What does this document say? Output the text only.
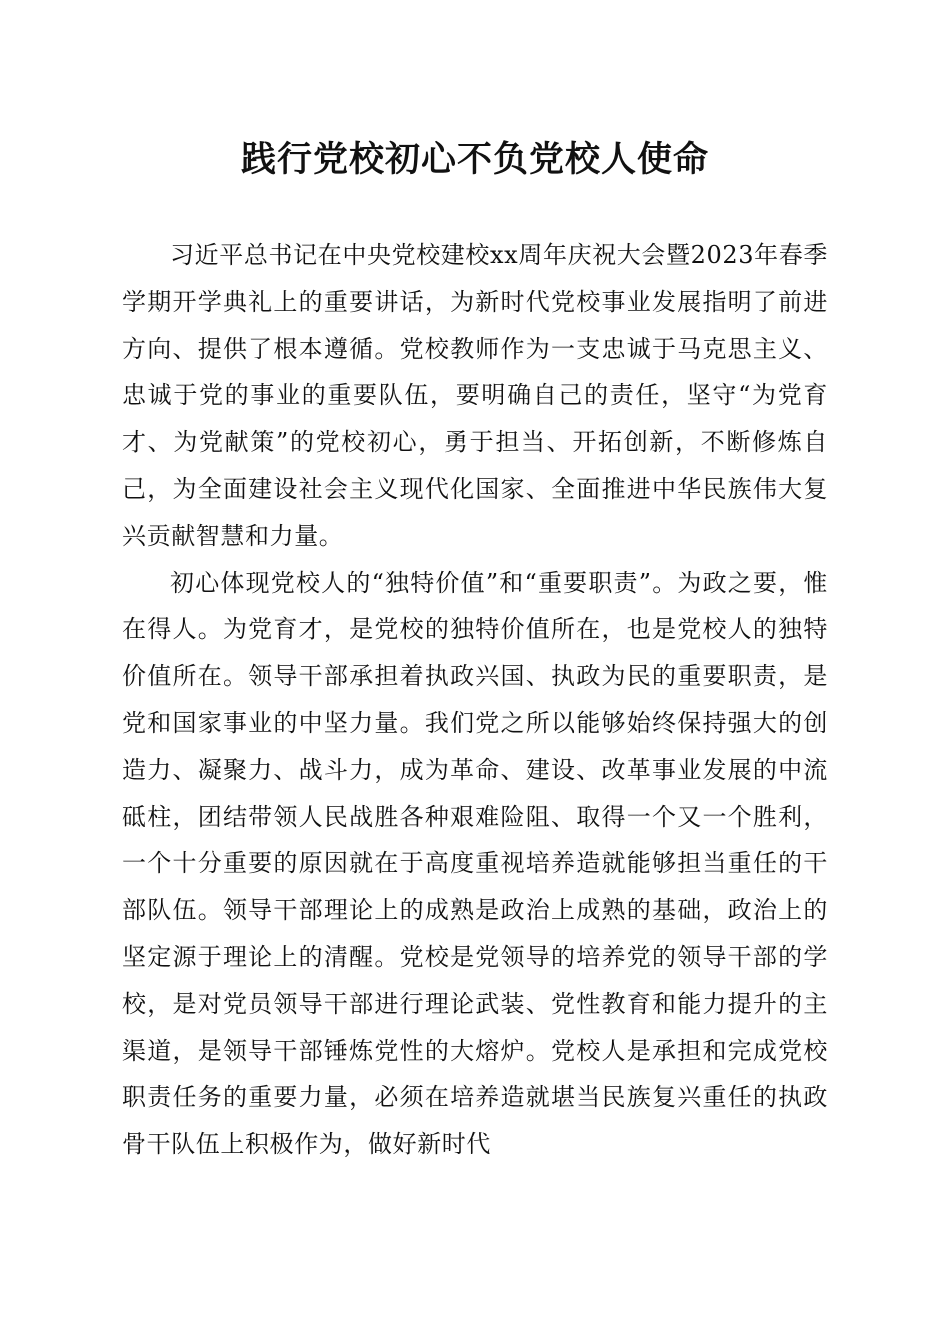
践行党校初心不负党校人使命

习近平总书记在中央党校建校xx周年庆祝大会暨2023年春季学期开学典礼上的重要讲话，为新时代党校事业发展指明了前进方向、提供了根本遵循。党校教师作为一支忠诚于马克思主义、忠诚于党的事业的重要队伍，要明确自己的责任，坚守“为党育才、为党献策”的党校初心，勇于担当、开拓创新，不断修炼自己，为全面建设社会主义现代化国家、全面推进中华民族伟大复兴贡献智慧和力量。

初心体现党校人的“独特价值”和“重要职责”。为政之要，惟在得人。为党育才，是党校的独特价值所在，也是党校人的独特价值所在。领导干部承担着执政兴国、执政为民的重要职责，是党和国家事业的中坚力量。我们党之所以能够始终保持强大的创造力、凝聚力、战斗力，成为革命、建设、改革事业发展的中流砥柱，团结带领人民战胜各种艰难险阻、取得一个又一个胜利，一个十分重要的原因就在于高度重视培养造就能够担当重任的干部队伍。领导干部理论上的成熟是政治上成熟的基础，政治上的坚定源于理论上的清醒。党校是党领导的培养党的领导干部的学校，是对党员领导干部进行理论武装、党性教育和能力提升的主渠道，是领导干部锤炼党性的大熔炉。党校人是承担和完成党校职责任务的重要力量，必须在培养造就堪当民族复兴重任的执政骨干队伍上积极作为，做好新时代
